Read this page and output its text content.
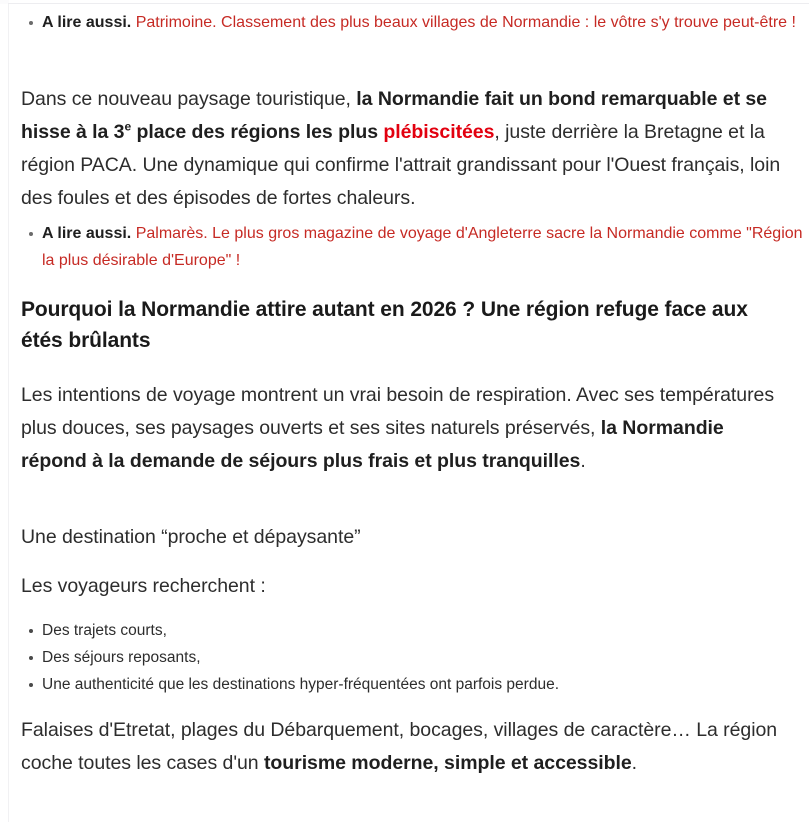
A lire aussi. Patrimoine. Classement des plus beaux villages de Normandie : le vôtre s'y trouve peut-être !

Dans ce nouveau paysage touristique, la Normandie fait un bond remarquable et se hisse à la 3e place des régions les plus plébiscitées, juste derrière la Bretagne et la région PACA. Une dynamique qui confirme l'attrait grandissant pour l'Ouest français, loin des foules et des épisodes de fortes chaleurs.

A lire aussi. Palmarès. Le plus gros magazine de voyage d'Angleterre sacre la Normandie comme "Région la plus désirable d'Europe" !
Pourquoi la Normandie attire autant en 2026 ? Une région refuge face aux étés brûlants

Les intentions de voyage montrent un vrai besoin de respiration. Avec ses températures plus douces, ses paysages ouverts et ses sites naturels préservés, la Normandie répond à la demande de séjours plus frais et plus tranquilles.

Une destination “proche et dépaysante”

Les voyageurs recherchent :

Des trajets courts,
Des séjours reposants,
Une authenticité que les destinations hyper-fréquentées ont parfois perdue.

Falaises d'Etretat, plages du Débarquement, bocages, villages de caractère… La région coche toutes les cases d'un tourisme moderne, simple et accessible.
